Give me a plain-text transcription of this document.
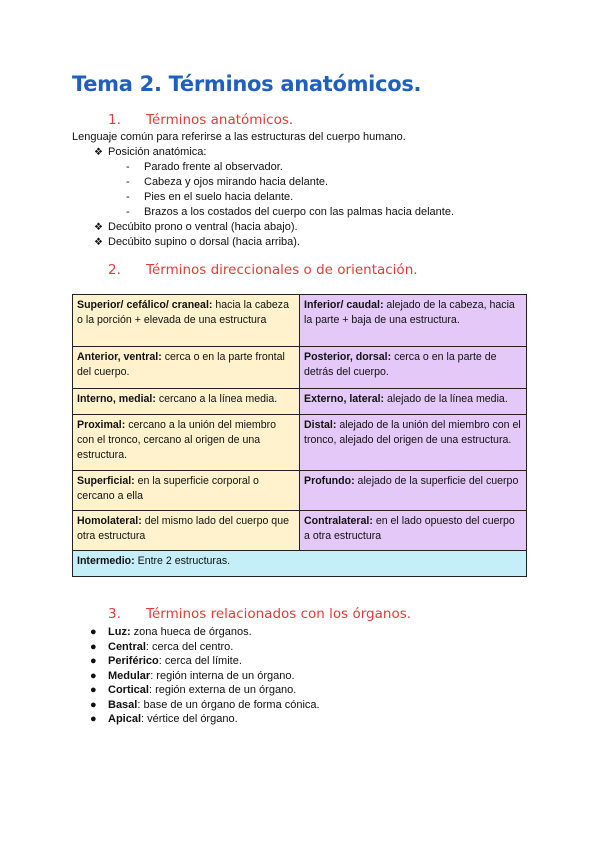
Tema 2. Términos anatómicos.
1. Términos anatómicos.
Lenguaje común para referirse a las estructuras del cuerpo humano.
❖ Posición anatómica:
- Parado frente al observador.
- Cabeza y ojos mirando hacia delante.
- Pies en el suelo hacia delante.
- Brazos a los costados del cuerpo con las palmas hacia delante.
❖ Decúbito prono o ventral (hacia abajo).
❖ Decúbito supino o dorsal (hacia arriba).
2. Términos direccionales o de orientación.
Superior/ cefálico/ craneal: hacia la cabeza o la porción + elevada de una estructura	Inferior/ caudal: alejado de la cabeza, hacia la parte + baja de una estructura.
Anterior, ventral: cerca o en la parte frontal del cuerpo.	Posterior, dorsal: cerca o en la parte de detrás del cuerpo.
Interno, medial: cercano a la línea media.	Externo, lateral: alejado de la línea media.
Proximal: cercano a la unión del miembro con el tronco, cercano al origen de una estructura.	Distal: alejado de la unión del miembro con el tronco, alejado del origen de una estructura.
Superficial: en la superficie corporal o cercano a ella	Profundo: alejado de la superficie del cuerpo
Homolateral: del mismo lado del cuerpo que otra estructura	Contralateral: en el lado opuesto del cuerpo a otra estructura
Intermedio: Entre 2 estructuras.	
3. Términos relacionados con los órganos.
● Luz: zona hueca de órganos.
● Central: cerca del centro.
● Periférico: cerca del límite.
● Medular: región interna de un órgano.
● Cortical: región externa de un órgano.
● Basal: base de un órgano de forma cónica.
● Apical: vértice del órgano.
